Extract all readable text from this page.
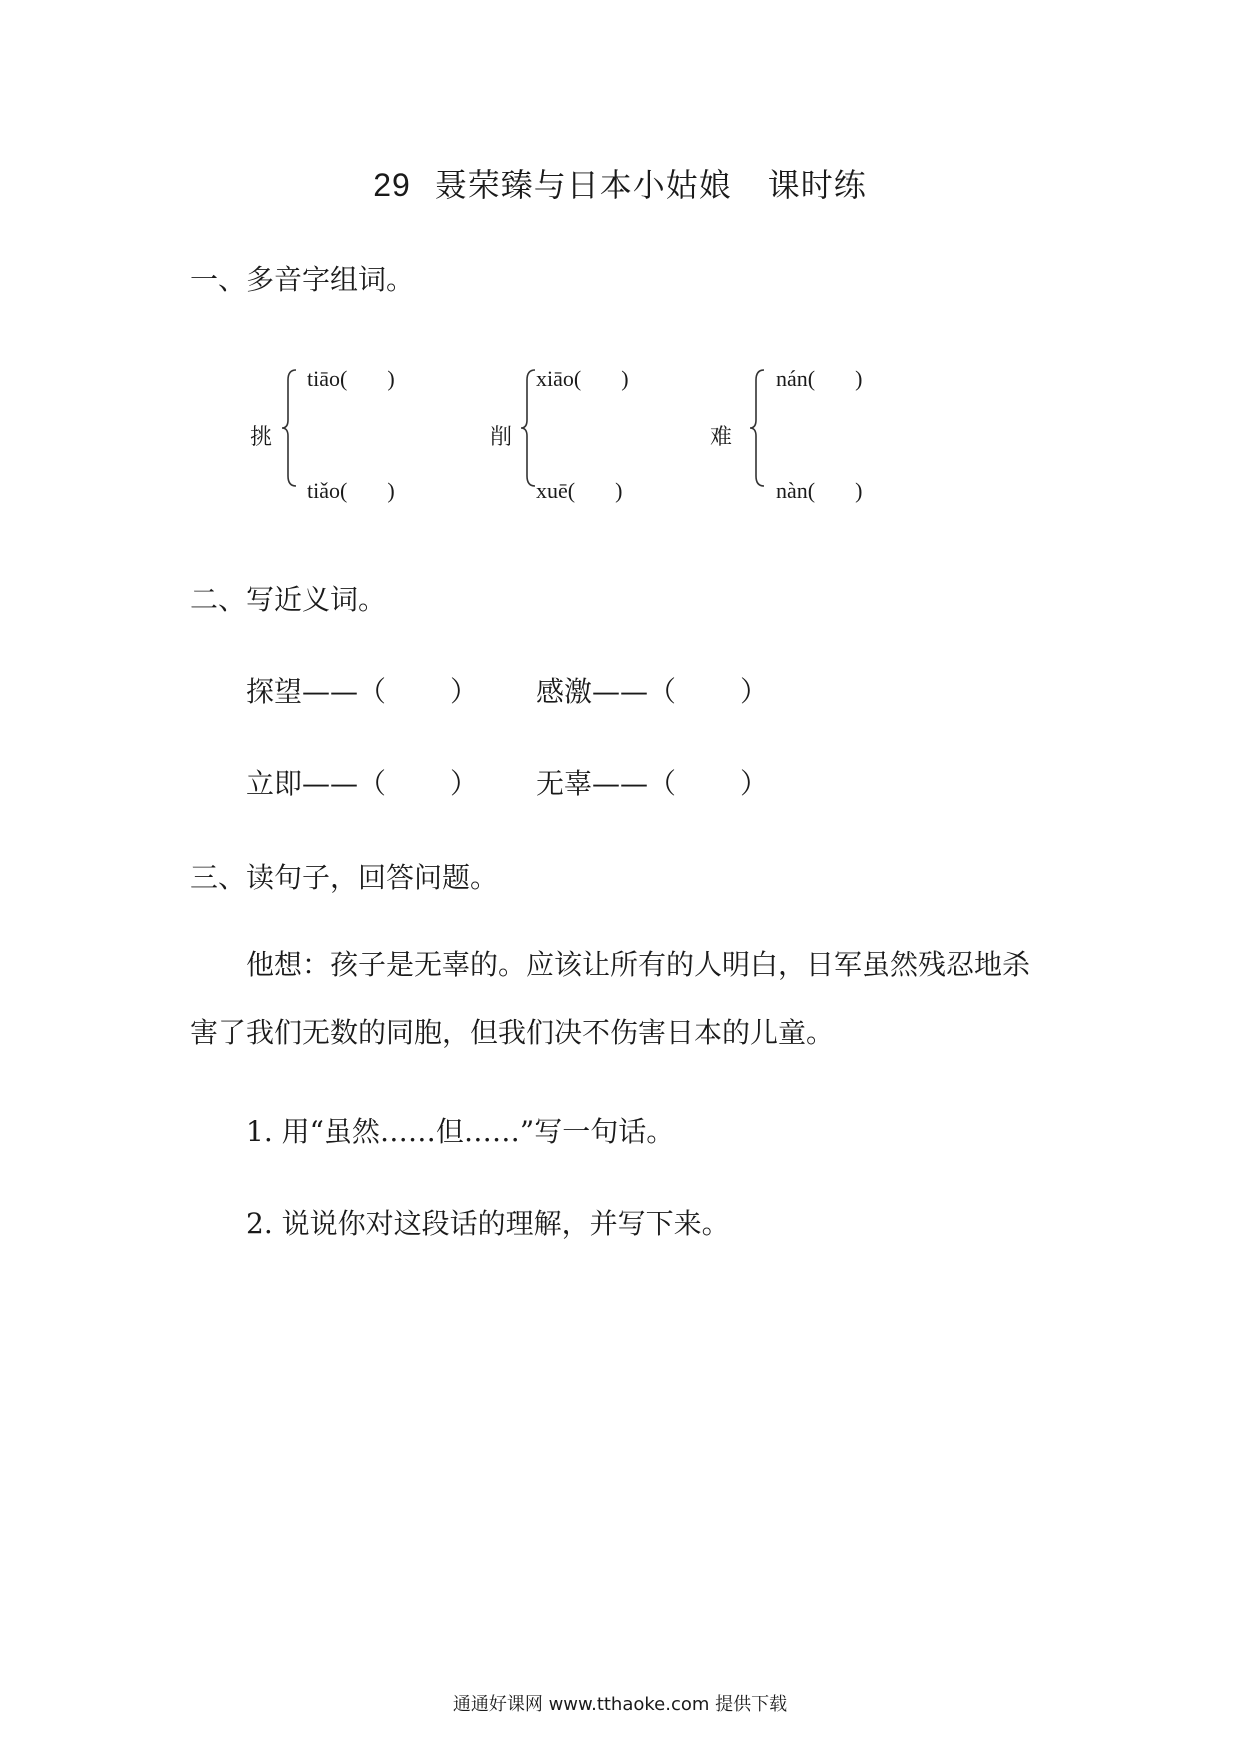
29 聂荣臻与日本小姑娘 课时练
一、多音字组词。
挑
tiāo( )
tiǎo( )
削
xiāo( )
xuē( )
难
nán( )
nàn( )
二、写近义词。
探望——（ ） 感激——（ ）
立即——（ ） 无辜——（ ）
三、读句子，回答问题。
他想：孩子是无辜的。应该让所有的人明白，日军虽然残忍地杀
害了我们无数的同胞，但我们决不伤害日本的儿童。
1. 用“虽然……但……”写一句话。
2. 说说你对这段话的理解，并写下来。
通通好课网 www.tthaoke.com 提供下载
